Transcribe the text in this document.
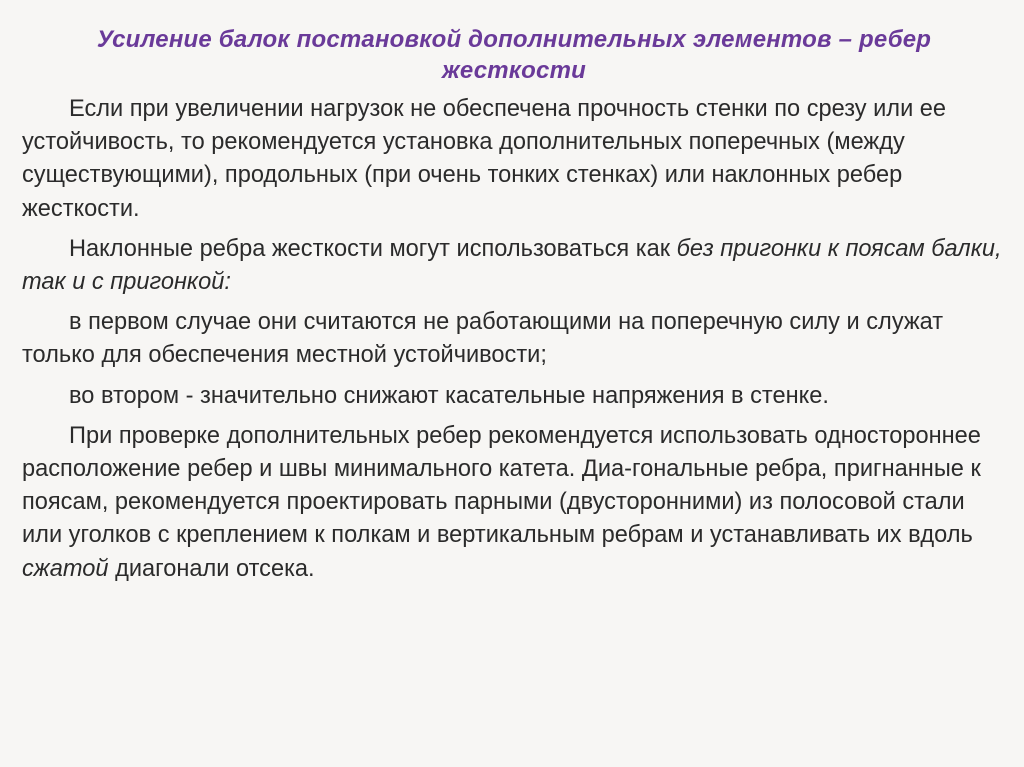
Усиление балок постановкой дополнительных элементов – ребер
жесткости

Если при увеличении нагрузок не обеспечена прочность стенки по срезу или ее устойчивость, то рекомендуется установка дополнительных поперечных (между существующими), продольных (при очень тонких стенках) или наклонных ребер жесткости.

Наклонные ребра жесткости могут использоваться как без пригонки к поясам балки, так и с пригонкой:

в первом случае они считаются не работающими на поперечную силу и служат только для обеспечения местной устойчивости;

во втором - значительно снижают касательные напряжения в стенке.

При проверке дополнительных ребер рекомендуется использовать одностороннее расположение ребер и швы минимального катета. Диа-гональные ребра, пригнанные к поясам, рекомендуется проектировать парными (двусторонними) из полосовой стали или уголков с креплением к полкам и вертикальным ребрам и устанавливать их вдоль сжатой диагонали отсека.
